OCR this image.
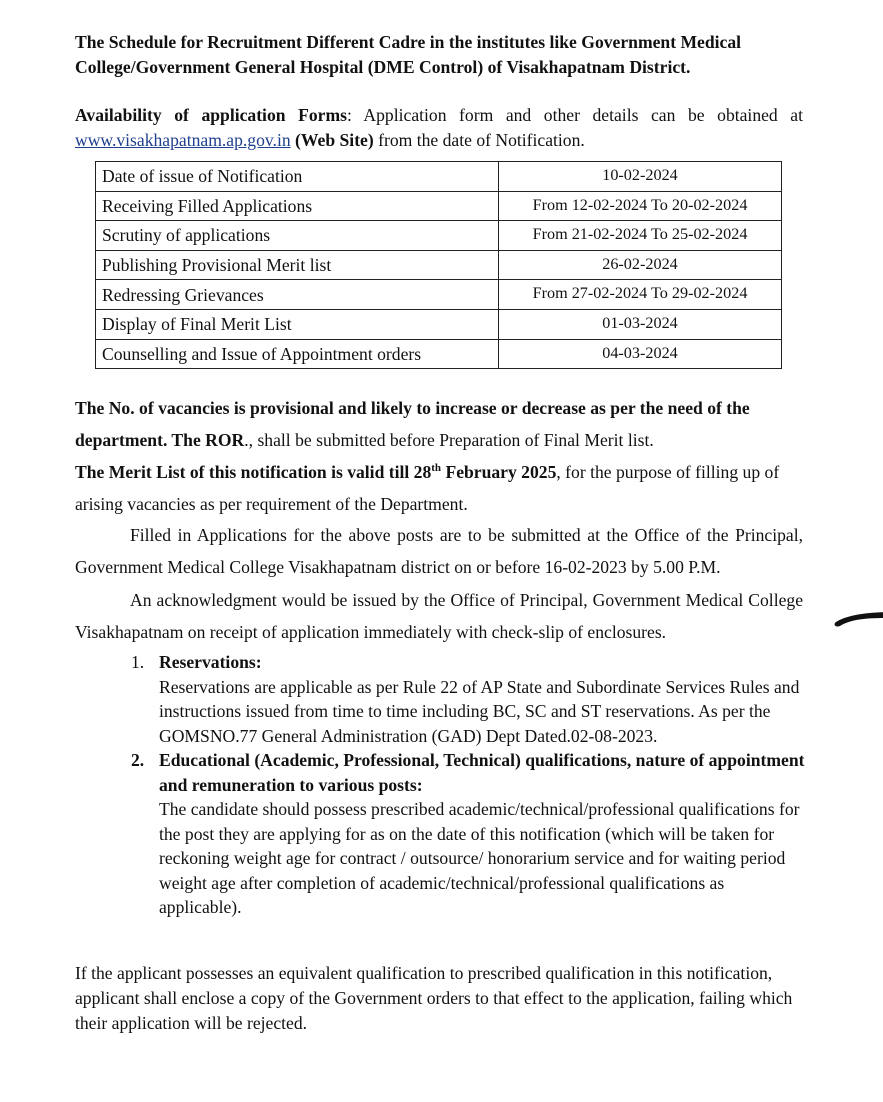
The Schedule for Recruitment Different Cadre in the institutes like Government Medical College/Government General Hospital (DME Control) of Visakhapatnam District.
Availability of application Forms: Application form and other details can be obtained at www.visakhapatnam.ap.gov.in (Web Site) from the date of Notification.
Date of issue of Notification	10-02-2024
Receiving Filled Applications	From 12-02-2024 To 20-02-2024
Scrutiny of applications	From 21-02-2024 To 25-02-2024
Publishing Provisional Merit list	26-02-2024
Redressing Grievances	From 27-02-2024 To 29-02-2024
Display of Final Merit List	01-03-2024
Counselling and Issue of Appointment orders	04-03-2024
The No. of vacancies is provisional and likely to increase or decrease as per the need of the department. The ROR., shall be submitted before Preparation of Final Merit list.
The Merit List of this notification is valid till 28th February 2025, for the purpose of filling up of arising vacancies as per requirement of the Department.
Filled in Applications for the above posts are to be submitted at the Office of the Principal, Government Medical College Visakhapatnam district on or before 16-02-2023 by 5.00 P.M.
An acknowledgment would be issued by the Office of Principal, Government Medical College Visakhapatnam on receipt of application immediately with check-slip of enclosures.
1. Reservations:
Reservations are applicable as per Rule 22 of AP State and Subordinate Services Rules and instructions issued from time to time including BC, SC and ST reservations. As per the GOMSNO.77 General Administration (GAD) Dept Dated.02-08-2023.
2. Educational (Academic, Professional, Technical) qualifications, nature of appointment and remuneration to various posts:
The candidate should possess prescribed academic/technical/professional qualifications for the post they are applying for as on the date of this notification (which will be taken for reckoning weight age for contract / outsource/ honorarium service and for waiting period weight age after completion of academic/technical/professional qualifications as applicable).
If the applicant possesses an equivalent qualification to prescribed qualification in this notification, applicant shall enclose a copy of the Government orders to that effect to the application, failing which their application will be rejected.
